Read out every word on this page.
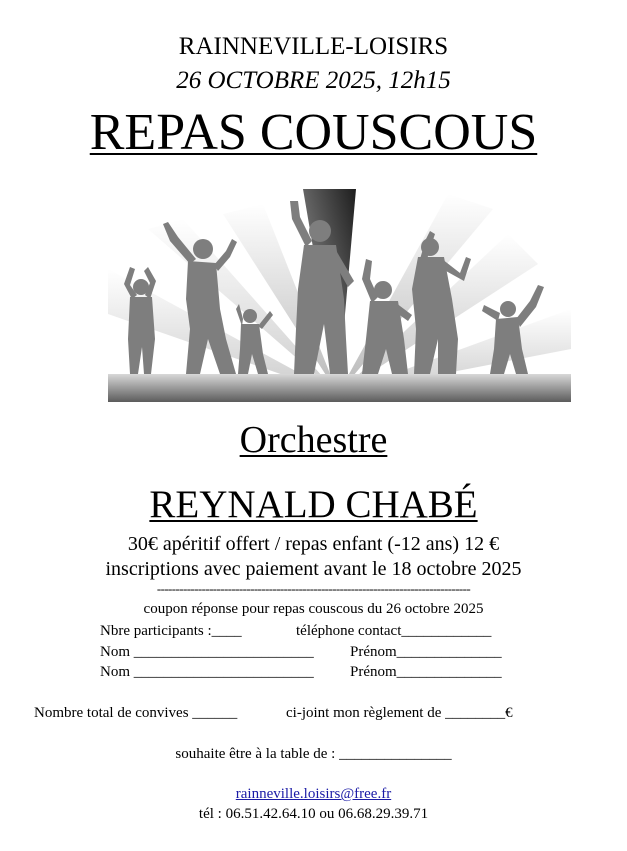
RAINNEVILLE-LOISIRS
26 OCTOBRE 2025, 12h15
REPAS COUSCOUS
Orchestre
REYNALD CHABÉ
30€ apéritif offert / repas enfant (-12 ans) 12 €
inscriptions avec paiement avant le 18 octobre 2025
------------------------------------------------------------------------------------
coupon réponse pour repas couscous du 26 octobre 2025
Nbre participants :____	téléphone contact____________
Nom ________________________ Prénom______________
Nom ________________________ Prénom______________
Nombre total de convives ______	ci-joint mon règlement de ________€
souhaite être à la table de : _______________
rainneville.loisirs@free.fr
tél : 06.51.42.64.10 ou 06.68.29.39.71
